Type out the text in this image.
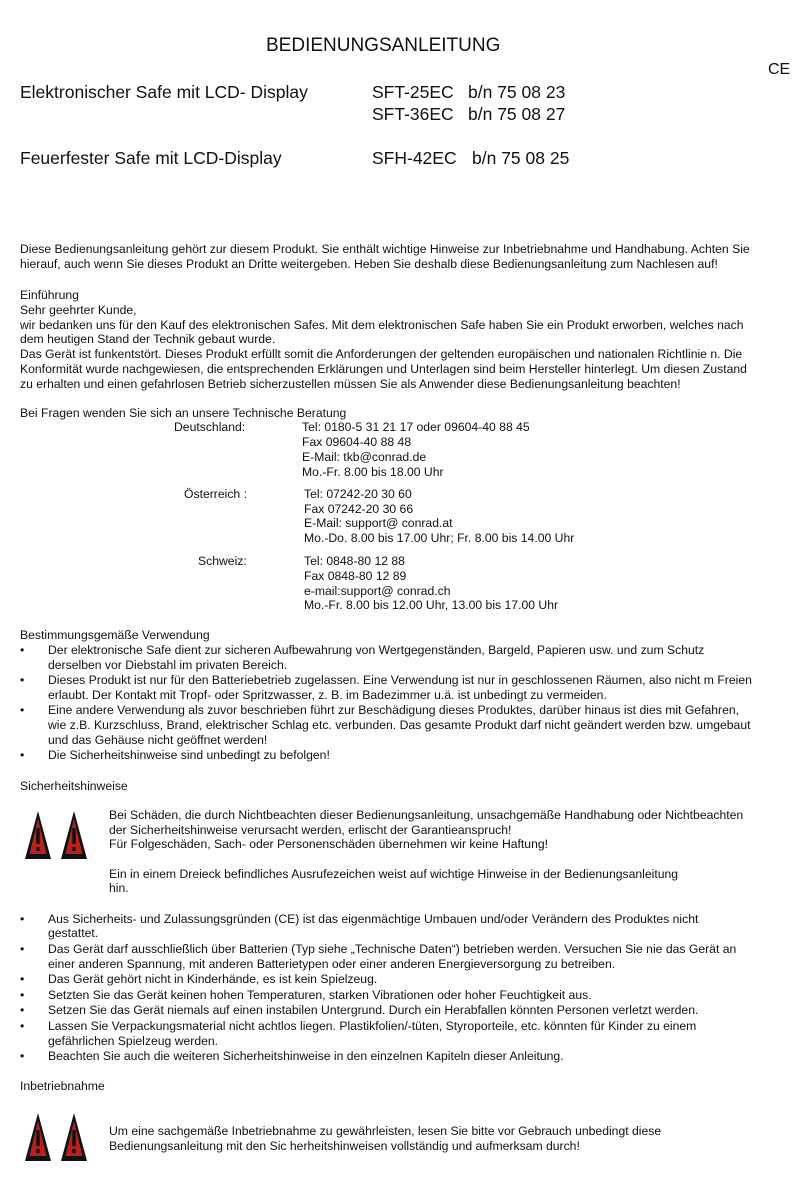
BEDIENUNGSANLEITUNG
CE
Elektronischer Safe mit LCD- Display	SFT-25EC b/n 75 08 23
SFT-36EC b/n 75 08 27
Feuerfester Safe mit LCD-Display	SFH-42EC b/n 75 08 25
Diese Bedienungsanleitung gehört zur diesem Produkt. Sie enthält wichtige Hinweise zur Inbetriebnahme und Handhabung. Achten Sie
hierauf, auch wenn Sie dieses Produkt an Dritte weitergeben. Heben Sie deshalb diese Bedienungsanleitung zum Nachlesen auf!
Einführung
Sehr geehrter Kunde,
wir bedanken uns für den Kauf des elektronischen Safes. Mit dem elektronischen Safe haben Sie ein Produkt erworben, welches nach
dem heutigen Stand der Technik gebaut wurde.
Das Gerät ist funkentstört. Dieses Produkt erfüllt somit die Anforderungen der geltenden europäischen und nationalen Richtlinie n. Die
Konformität wurde nachgewiesen, die entsprechenden Erklärungen und Unterlagen sind beim Hersteller hinterlegt. Um diesen Zustand
zu erhalten und einen gefahrlosen Betrieb sicherzustellen müssen Sie als Anwender diese Bedienungsanleitung beachten!
Bei Fragen wenden Sie sich an unsere Technische Beratung
Deutschland:	Tel: 0180-5 31 21 17 oder 09604-40 88 45
Fax 09604-40 88 48
E-Mail: tkb@conrad.de
Mo.-Fr. 8.00 bis 18.00 Uhr
Österreich :	Tel: 07242-20 30 60
Fax 07242-20 30 66
E-Mail: support@ conrad.at
Mo.-Do. 8.00 bis 17.00 Uhr; Fr. 8.00 bis 14.00 Uhr
Schweiz:	Tel: 0848-80 12 88
Fax 0848-80 12 89
e-mail:support@ conrad.ch
Mo.-Fr. 8.00 bis 12.00 Uhr, 13.00 bis 17.00 Uhr
Bestimmungsgemäße Verwendung
• Der elektronische Safe dient zur sicheren Aufbewahrung von Wertgegenständen, Bargeld, Papieren usw. und zum Schutz
derselben vor Diebstahl im privaten Bereich.
• Dieses Produkt ist nur für den Batteriebetrieb zugelassen. Eine Verwendung ist nur in geschlossenen Räumen, also nicht m Freien
erlaubt. Der Kontakt mit Tropf- oder Spritzwasser, z. B. im Badezimmer u.ä. ist unbedingt zu vermeiden.
• Eine andere Verwendung als zuvor beschrieben führt zur Beschädigung dieses Produktes, darüber hinaus ist dies mit Gefahren,
wie z.B. Kurzschluss, Brand, elektrischer Schlag etc. verbunden. Das gesamte Produkt darf nicht geändert werden bzw. umgebaut
und das Gehäuse nicht geöffnet werden!
• Die Sicherheitshinweise sind unbedingt zu befolgen!
Sicherheitshinweise
Bei Schäden, die durch Nichtbeachten dieser Bedienungsanleitung, unsachgemäße Handhabung oder Nichtbeachten
der Sicherheitshinweise verursacht werden, erlischt der Garantieanspruch!
Für Folgeschäden, Sach- oder Personenschäden übernehmen wir keine Haftung!
Ein in einem Dreieck befindliches Ausrufezeichen weist auf wichtige Hinweise in der Bedienungsanleitung
hin.
• Aus Sicherheits- und Zulassungsgründen (CE) ist das eigenmächtige Umbauen und/oder Verändern des Produktes nicht
gestattet.
• Das Gerät darf ausschließlich über Batterien (Typ siehe „Technische Daten“) betrieben werden. Versuchen Sie nie das Gerät an
einer anderen Spannung, mit anderen Batterietypen oder einer anderen Energieversorgung zu betreiben.
• Das Gerät gehört nicht in Kinderhände, es ist kein Spielzeug.
• Setzten Sie das Gerät keinen hohen Temperaturen, starken Vibrationen oder hoher Feuchtigkeit aus.
• Setzen Sie das Gerät niemals auf einen instabilen Untergrund. Durch ein Herabfallen könnten Personen verletzt werden.
• Lassen Sie Verpackungsmaterial nicht achtlos liegen. Plastikfolien/-tüten, Styroporteile, etc. könnten für Kinder zu einem
gefährlichen Spielzeug werden.
• Beachten Sie auch die weiteren Sicherheitshinweise in den einzelnen Kapiteln dieser Anleitung.
Inbetriebnahme
Um eine sachgemäße Inbetriebnahme zu gewährleisten, lesen Sie bitte vor Gebrauch unbedingt diese
Bedienungsanleitung mit den Sic herheitshinweisen vollständig und aufmerksam durch!
